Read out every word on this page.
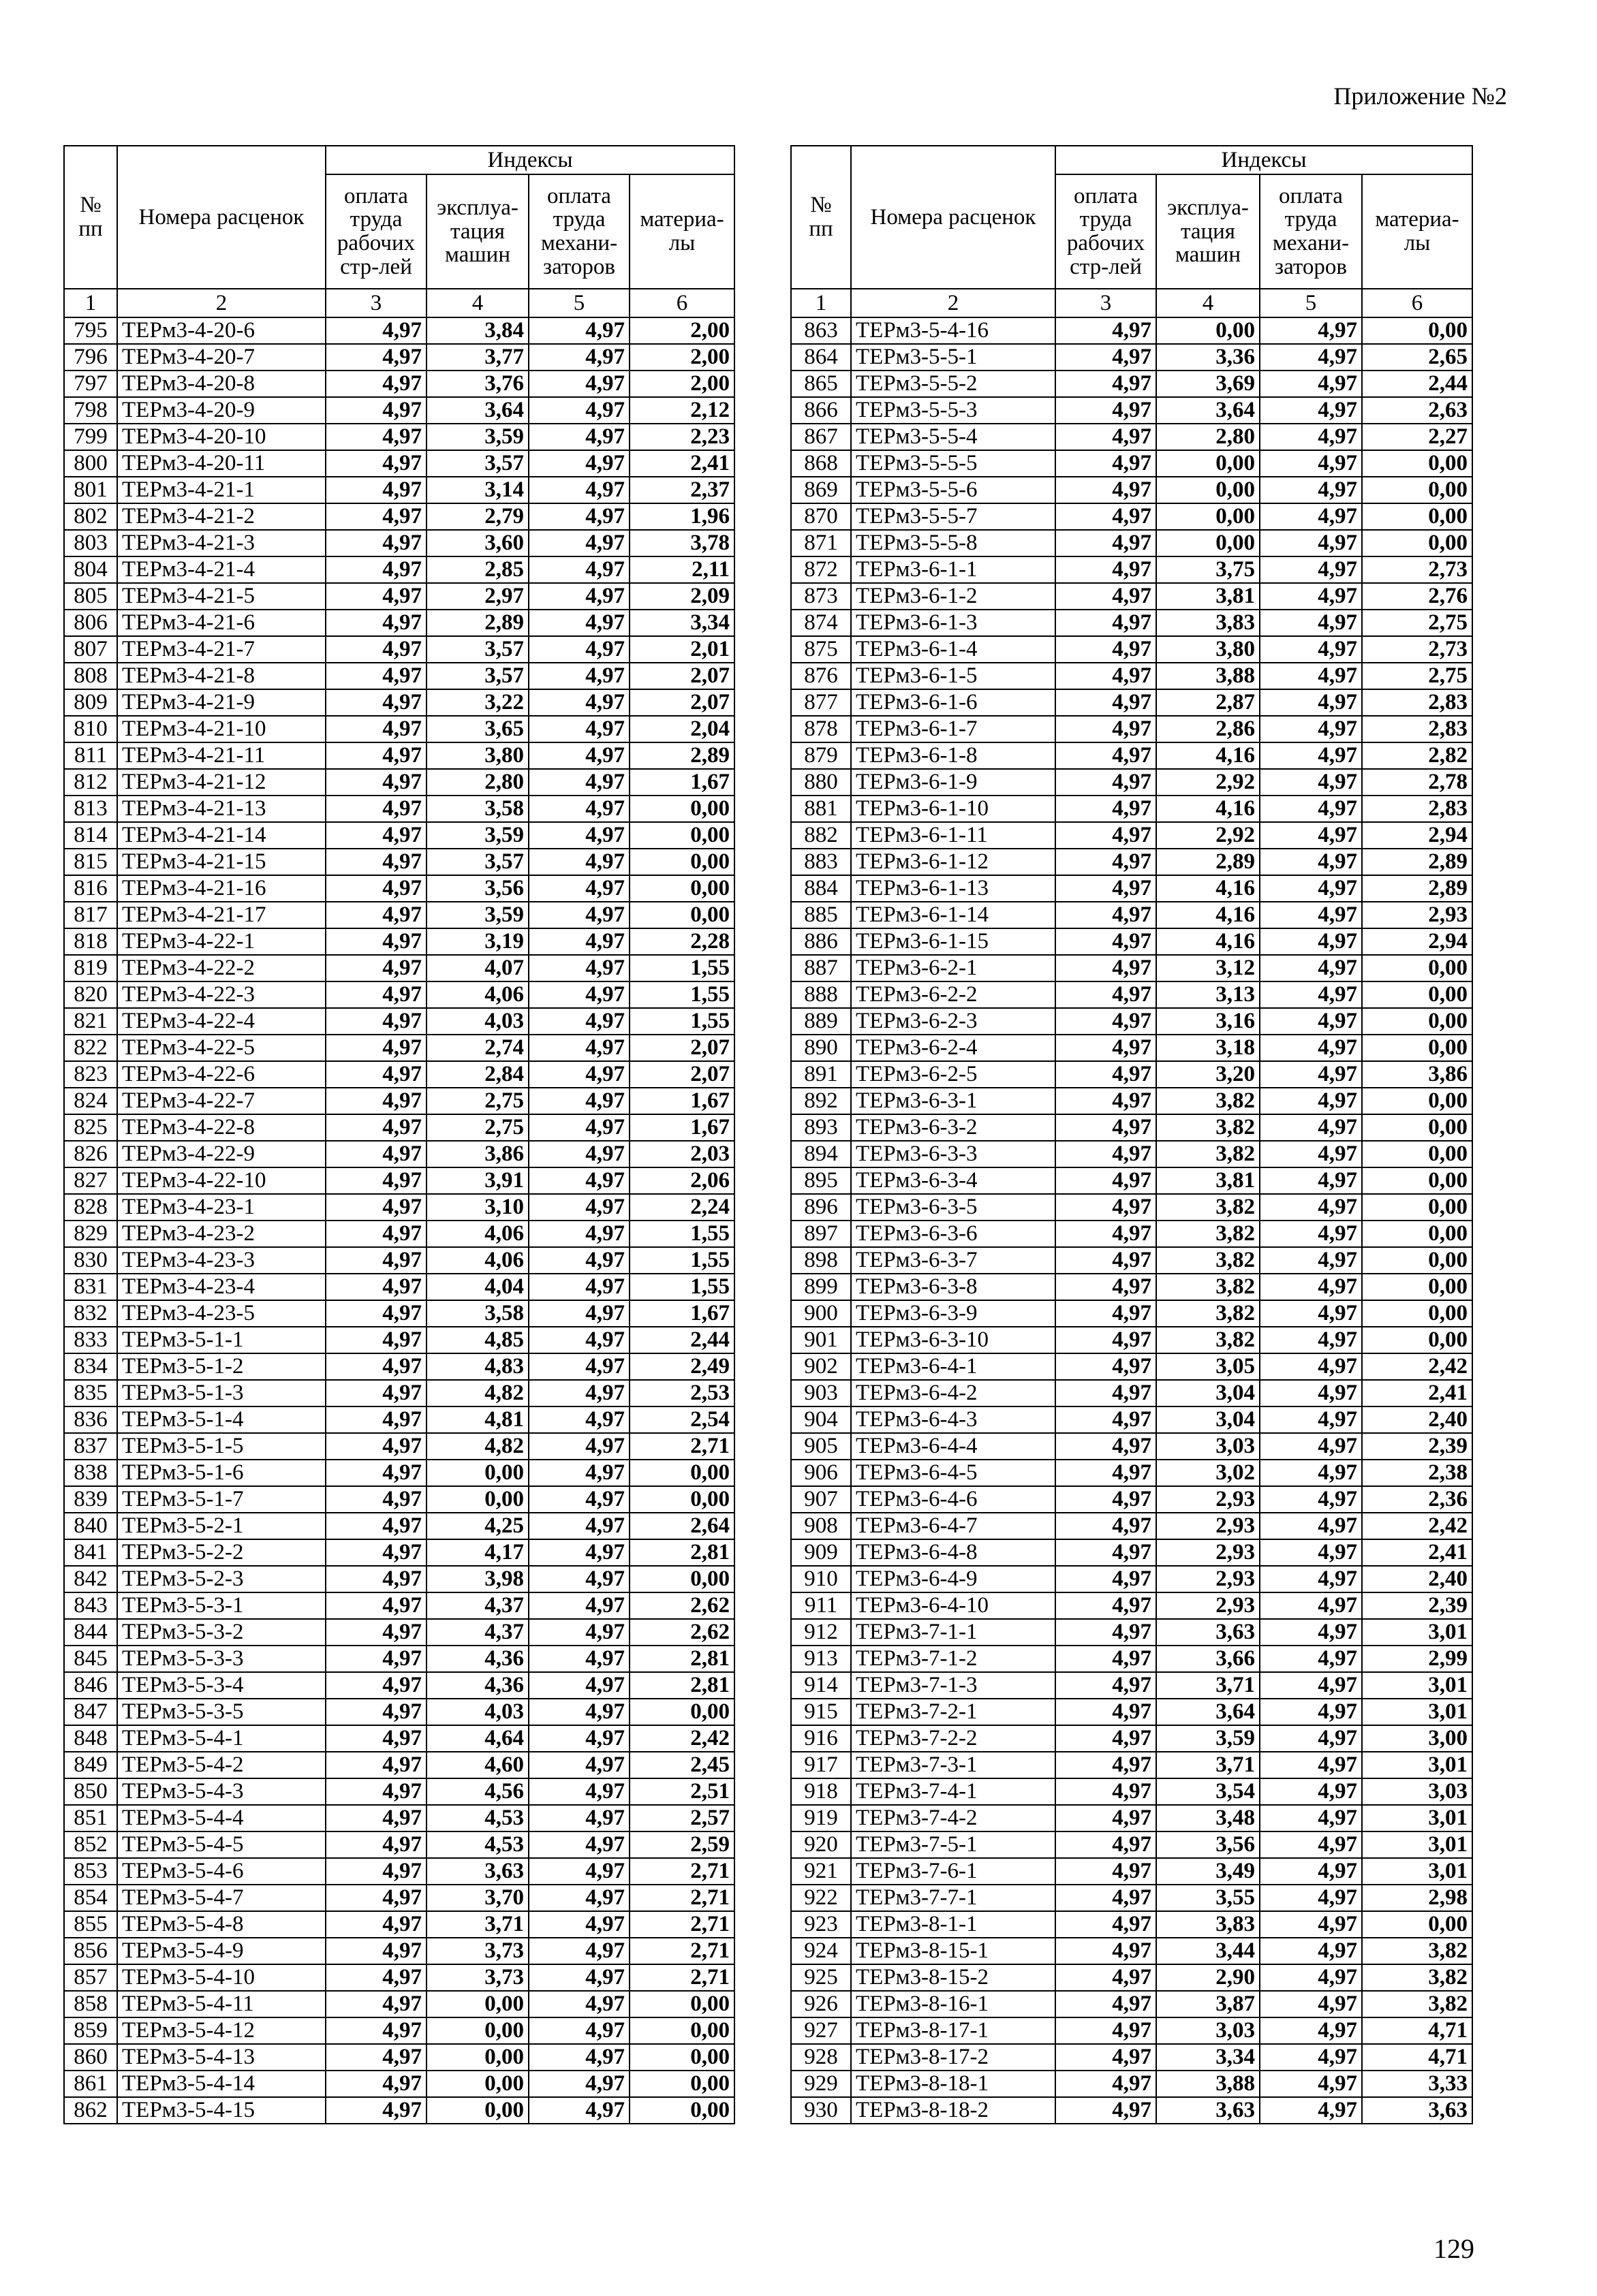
Приложение №2
№ пп	Номера расценок	Индексы			
		оплата труда рабочих стр-лей	эксплуа-тация машин	оплата труда механи-заторов	материа-лы
1	2	3	4	5	6
795	ТЕРм3-4-20-6	4,97	3,84	4,97	2,00
796	ТЕРм3-4-20-7	4,97	3,77	4,97	2,00
797	ТЕРм3-4-20-8	4,97	3,76	4,97	2,00
798	ТЕРм3-4-20-9	4,97	3,64	4,97	2,12
799	ТЕРм3-4-20-10	4,97	3,59	4,97	2,23
800	ТЕРм3-4-20-11	4,97	3,57	4,97	2,41
801	ТЕРм3-4-21-1	4,97	3,14	4,97	2,37
802	ТЕРм3-4-21-2	4,97	2,79	4,97	1,96
803	ТЕРм3-4-21-3	4,97	3,60	4,97	3,78
804	ТЕРм3-4-21-4	4,97	2,85	4,97	2,11
805	ТЕРм3-4-21-5	4,97	2,97	4,97	2,09
806	ТЕРм3-4-21-6	4,97	2,89	4,97	3,34
807	ТЕРм3-4-21-7	4,97	3,57	4,97	2,01
808	ТЕРм3-4-21-8	4,97	3,57	4,97	2,07
809	ТЕРм3-4-21-9	4,97	3,22	4,97	2,07
810	ТЕРм3-4-21-10	4,97	3,65	4,97	2,04
811	ТЕРм3-4-21-11	4,97	3,80	4,97	2,89
812	ТЕРм3-4-21-12	4,97	2,80	4,97	1,67
813	ТЕРм3-4-21-13	4,97	3,58	4,97	0,00
814	ТЕРм3-4-21-14	4,97	3,59	4,97	0,00
815	ТЕРм3-4-21-15	4,97	3,57	4,97	0,00
816	ТЕРм3-4-21-16	4,97	3,56	4,97	0,00
817	ТЕРм3-4-21-17	4,97	3,59	4,97	0,00
818	ТЕРм3-4-22-1	4,97	3,19	4,97	2,28
819	ТЕРм3-4-22-2	4,97	4,07	4,97	1,55
820	ТЕРм3-4-22-3	4,97	4,06	4,97	1,55
821	ТЕРм3-4-22-4	4,97	4,03	4,97	1,55
822	ТЕРм3-4-22-5	4,97	2,74	4,97	2,07
823	ТЕРм3-4-22-6	4,97	2,84	4,97	2,07
824	ТЕРм3-4-22-7	4,97	2,75	4,97	1,67
825	ТЕРм3-4-22-8	4,97	2,75	4,97	1,67
826	ТЕРм3-4-22-9	4,97	3,86	4,97	2,03
827	ТЕРм3-4-22-10	4,97	3,91	4,97	2,06
828	ТЕРм3-4-23-1	4,97	3,10	4,97	2,24
829	ТЕРм3-4-23-2	4,97	4,06	4,97	1,55
830	ТЕРм3-4-23-3	4,97	4,06	4,97	1,55
831	ТЕРм3-4-23-4	4,97	4,04	4,97	1,55
832	ТЕРм3-4-23-5	4,97	3,58	4,97	1,67
833	ТЕРм3-5-1-1	4,97	4,85	4,97	2,44
834	ТЕРм3-5-1-2	4,97	4,83	4,97	2,49
835	ТЕРм3-5-1-3	4,97	4,82	4,97	2,53
836	ТЕРм3-5-1-4	4,97	4,81	4,97	2,54
837	ТЕРм3-5-1-5	4,97	4,82	4,97	2,71
838	ТЕРм3-5-1-6	4,97	0,00	4,97	0,00
839	ТЕРм3-5-1-7	4,97	0,00	4,97	0,00
840	ТЕРм3-5-2-1	4,97	4,25	4,97	2,64
841	ТЕРм3-5-2-2	4,97	4,17	4,97	2,81
842	ТЕРм3-5-2-3	4,97	3,98	4,97	0,00
843	ТЕРм3-5-3-1	4,97	4,37	4,97	2,62
844	ТЕРм3-5-3-2	4,97	4,37	4,97	2,62
845	ТЕРм3-5-3-3	4,97	4,36	4,97	2,81
846	ТЕРм3-5-3-4	4,97	4,36	4,97	2,81
847	ТЕРм3-5-3-5	4,97	4,03	4,97	0,00
848	ТЕРм3-5-4-1	4,97	4,64	4,97	2,42
849	ТЕРм3-5-4-2	4,97	4,60	4,97	2,45
850	ТЕРм3-5-4-3	4,97	4,56	4,97	2,51
851	ТЕРм3-5-4-4	4,97	4,53	4,97	2,57
852	ТЕРм3-5-4-5	4,97	4,53	4,97	2,59
853	ТЕРм3-5-4-6	4,97	3,63	4,97	2,71
854	ТЕРм3-5-4-7	4,97	3,70	4,97	2,71
855	ТЕРм3-5-4-8	4,97	3,71	4,97	2,71
856	ТЕРм3-5-4-9	4,97	3,73	4,97	2,71
857	ТЕРм3-5-4-10	4,97	3,73	4,97	2,71
858	ТЕРм3-5-4-11	4,97	0,00	4,97	0,00
859	ТЕРм3-5-4-12	4,97	0,00	4,97	0,00
860	ТЕРм3-5-4-13	4,97	0,00	4,97	0,00
861	ТЕРм3-5-4-14	4,97	0,00	4,97	0,00
862	ТЕРм3-5-4-15	4,97	0,00	4,97	0,00
№ пп	Номера расценок	Индексы			
		оплата труда рабочих стр-лей	эксплуа-тация машин	оплата труда механи-заторов	материа-лы
1	2	3	4	5	6
863	ТЕРм3-5-4-16	4,97	0,00	4,97	0,00
864	ТЕРм3-5-5-1	4,97	3,36	4,97	2,65
865	ТЕРм3-5-5-2	4,97	3,69	4,97	2,44
866	ТЕРм3-5-5-3	4,97	3,64	4,97	2,63
867	ТЕРм3-5-5-4	4,97	2,80	4,97	2,27
868	ТЕРм3-5-5-5	4,97	0,00	4,97	0,00
869	ТЕРм3-5-5-6	4,97	0,00	4,97	0,00
870	ТЕРм3-5-5-7	4,97	0,00	4,97	0,00
871	ТЕРм3-5-5-8	4,97	0,00	4,97	0,00
872	ТЕРм3-6-1-1	4,97	3,75	4,97	2,73
873	ТЕРм3-6-1-2	4,97	3,81	4,97	2,76
874	ТЕРм3-6-1-3	4,97	3,83	4,97	2,75
875	ТЕРм3-6-1-4	4,97	3,80	4,97	2,73
876	ТЕРм3-6-1-5	4,97	3,88	4,97	2,75
877	ТЕРм3-6-1-6	4,97	2,87	4,97	2,83
878	ТЕРм3-6-1-7	4,97	2,86	4,97	2,83
879	ТЕРм3-6-1-8	4,97	4,16	4,97	2,82
880	ТЕРм3-6-1-9	4,97	2,92	4,97	2,78
881	ТЕРм3-6-1-10	4,97	4,16	4,97	2,83
882	ТЕРм3-6-1-11	4,97	2,92	4,97	2,94
883	ТЕРм3-6-1-12	4,97	2,89	4,97	2,89
884	ТЕРм3-6-1-13	4,97	4,16	4,97	2,89
885	ТЕРм3-6-1-14	4,97	4,16	4,97	2,93
886	ТЕРм3-6-1-15	4,97	4,16	4,97	2,94
887	ТЕРм3-6-2-1	4,97	3,12	4,97	0,00
888	ТЕРм3-6-2-2	4,97	3,13	4,97	0,00
889	ТЕРм3-6-2-3	4,97	3,16	4,97	0,00
890	ТЕРм3-6-2-4	4,97	3,18	4,97	0,00
891	ТЕРм3-6-2-5	4,97	3,20	4,97	3,86
892	ТЕРм3-6-3-1	4,97	3,82	4,97	0,00
893	ТЕРм3-6-3-2	4,97	3,82	4,97	0,00
894	ТЕРм3-6-3-3	4,97	3,82	4,97	0,00
895	ТЕРм3-6-3-4	4,97	3,81	4,97	0,00
896	ТЕРм3-6-3-5	4,97	3,82	4,97	0,00
897	ТЕРм3-6-3-6	4,97	3,82	4,97	0,00
898	ТЕРм3-6-3-7	4,97	3,82	4,97	0,00
899	ТЕРм3-6-3-8	4,97	3,82	4,97	0,00
900	ТЕРм3-6-3-9	4,97	3,82	4,97	0,00
901	ТЕРм3-6-3-10	4,97	3,82	4,97	0,00
902	ТЕРм3-6-4-1	4,97	3,05	4,97	2,42
903	ТЕРм3-6-4-2	4,97	3,04	4,97	2,41
904	ТЕРм3-6-4-3	4,97	3,04	4,97	2,40
905	ТЕРм3-6-4-4	4,97	3,03	4,97	2,39
906	ТЕРм3-6-4-5	4,97	3,02	4,97	2,38
907	ТЕРм3-6-4-6	4,97	2,93	4,97	2,36
908	ТЕРм3-6-4-7	4,97	2,93	4,97	2,42
909	ТЕРм3-6-4-8	4,97	2,93	4,97	2,41
910	ТЕРм3-6-4-9	4,97	2,93	4,97	2,40
911	ТЕРм3-6-4-10	4,97	2,93	4,97	2,39
912	ТЕРм3-7-1-1	4,97	3,63	4,97	3,01
913	ТЕРм3-7-1-2	4,97	3,66	4,97	2,99
914	ТЕРм3-7-1-3	4,97	3,71	4,97	3,01
915	ТЕРм3-7-2-1	4,97	3,64	4,97	3,01
916	ТЕРм3-7-2-2	4,97	3,59	4,97	3,00
917	ТЕРм3-7-3-1	4,97	3,71	4,97	3,01
918	ТЕРм3-7-4-1	4,97	3,54	4,97	3,03
919	ТЕРм3-7-4-2	4,97	3,48	4,97	3,01
920	ТЕРм3-7-5-1	4,97	3,56	4,97	3,01
921	ТЕРм3-7-6-1	4,97	3,49	4,97	3,01
922	ТЕРм3-7-7-1	4,97	3,55	4,97	2,98
923	ТЕРм3-8-1-1	4,97	3,83	4,97	0,00
924	ТЕРм3-8-15-1	4,97	3,44	4,97	3,82
925	ТЕРм3-8-15-2	4,97	2,90	4,97	3,82
926	ТЕРм3-8-16-1	4,97	3,87	4,97	3,82
927	ТЕРм3-8-17-1	4,97	3,03	4,97	4,71
928	ТЕРм3-8-17-2	4,97	3,34	4,97	4,71
929	ТЕРм3-8-18-1	4,97	3,88	4,97	3,33
930	ТЕРм3-8-18-2	4,97	3,63	4,97	3,63
129
